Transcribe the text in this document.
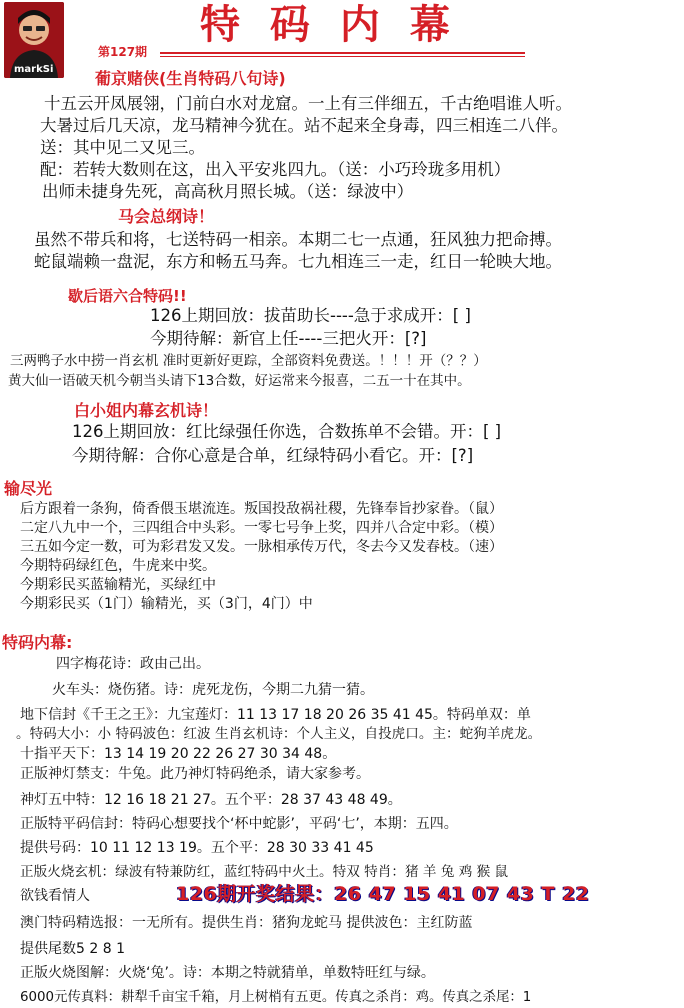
markSi
特 码 内 幕
第127期
葡京赌侠(生肖特码八句诗)
十五云开凤展翎，门前白水对龙窟。一上有三伴细五，千古绝唱谁人听。
大暑过后几天凉，龙马精神今犹在。站不起来全身毒，四三相连二八伴。
送：其中见二又见三。
配：若转大数则在这，出入平安兆四九。（送：小巧玲珑多用机）
出师未捷身先死，高高秋月照长城。（送：绿波中）
马会总纲诗！
虽然不带兵和将，七送特码一相亲。本期二七一点通，狂风独力把命搏。
蛇鼠端赖一盘泥，东方和畅五马奔。七九相连三一走，红日一轮映大地。
歇后语六合特码!!
126上期回放：拔苗助长----急于求成开：[ ]
今期待解：新官上任----三把火开：[?]
三两鸭子水中捞一肖玄机 准时更新好更踪，全部资料免费送。！！！开（？？）
黄大仙一语破天机今朝当头请下13合数，好运常来今报喜，二五一十在其中。
白小姐内幕玄机诗！
126上期回放：红比绿强任你选，合数拣单不会错。开：[ ]
今期待解：合你心意是合单，红绿特码小看它。开：[?]
输尽光
后方跟着一条狗，倚香偎玉堪流连。叛国投敌祸社稷，先锋奉旨抄家眷。（鼠）
二定八九中一个，三四组合中头彩。一零七号争上奖，四并八合定中彩。（模）
三五如今定一数，可为彩君发又发。一脉相承传万代，冬去今又发春枝。（速）
今期特码绿红色，牛虎来中奖。
今期彩民买蓝输精光，买绿红中
今期彩民买（1门）输精光，买（3门，4门）中
特码内幕:
四字梅花诗：政由己出。
火车头：烧伤猪。诗：虎死龙伤，今期二九猜一猜。
地下信封《千王之王》：九宝莲灯：11 13 17 18 20 26 35 41 45。特码单双：单
。特码大小：小 特码波色：红波 生肖玄机诗：个人主义，自投虎口。主：蛇狗羊虎龙。
十指平天下：13 14 19 20 22 26 27 30 34 48。
正版神灯禁支：牛兔。此乃神灯特码绝杀，请大家参考。
神灯五中特：12 16 18 21 27。五个平：28 37 43 48 49。
正版特平码信封：特码心想要找个‘杯中蛇影’，平码‘七’，本期：五四。
提供号码：10 11 12 13 19。五个平：28 30 33 41 45
正版火烧玄机：绿波有特兼防红，蓝红特码中火土。特双 特肖：猪 羊 兔 鸡 猴 鼠
欲钱看情人	126期开奖结果：26 47 15 41 07 43 T 22
澳门特码精选报：一无所有。提供生肖：猪狗龙蛇马 提供波色：主红防蓝
提供尾数5 2 8 1
正版火烧图解：火烧‘兔’。诗：本期之特就猜单，单数特旺红与绿。
6000元传真料：耕犁千亩宝千箱，月上树梢有五更。传真之杀肖：鸡。传真之杀尾：1
